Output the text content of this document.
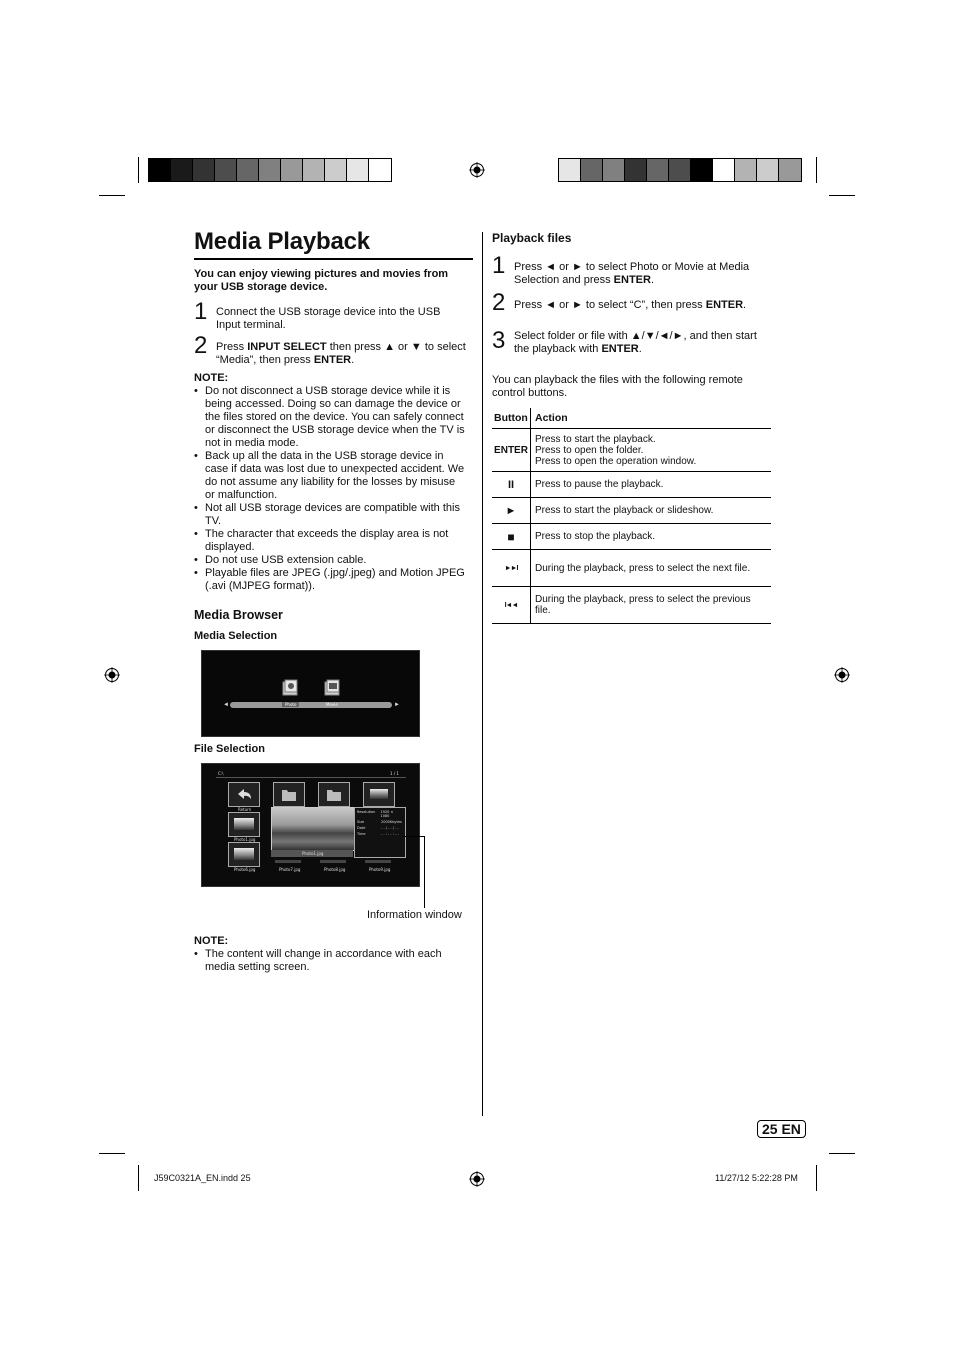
Media Playback
You can enjoy viewing pictures and movies from your USB storage device.
1 Connect the USB storage device into the USB Input terminal.
2 Press INPUT SELECT then press ▲ or ▼ to select “Media”, then press ENTER.
NOTE:
• Do not disconnect a USB storage device while it is being accessed. Doing so can damage the device or the files stored on the device. You can safely connect or disconnect the USB storage device when the TV is not in media mode.
• Back up all the data in the USB storage device in case if data was lost due to unexpected accident. We do not assume any liability for the losses by misuse or malfunction.
• Not all USB storage devices are compatible with this TV.
• The character that exceeds the display area is not displayed.
• Do not use USB extension cable.
• Playable files are JPEG (.jpg/.jpeg) and Motion JPEG (.avi (MJPEG format)).
Media Browser
Media Selection
◄	Photo	Movie	►
File Selection
C:\	1 / 1
Return
Photo1.jpg
Photo1.jpg
Resolution	1920 × 1080
Size	2000Kbytes
Date	- - / - - / - -
Time	- - : - - : - -
Photo6.jpg	Photo7.jpg	Photo8.jpg	Photo9.jpg
Information window
NOTE:
• The content will change in accordance with each media setting screen.
Playback files
1 Press ◄ or ► to select Photo or Movie at Media Selection and press ENTER.
2 Press ◄ or ► to select “C”, then press ENTER.
3 Select folder or file with ▲/▼/◄/►, and then start the playback with ENTER.
You can playback the files with the following remote control buttons.
Button	Action
ENTER	Press to start the playback.
Press to open the folder.
Press to open the operation window.

II	Press to pause the playback.
►	Press to start the playback or slideshow.
■	Press to stop the playback.
►►I	During the playback, press to select the next file.
I◄◄	During the playback, press to select the previous file.
25 EN
J59C0321A_EN.indd 25	11/27/12 5:22:28 PM
